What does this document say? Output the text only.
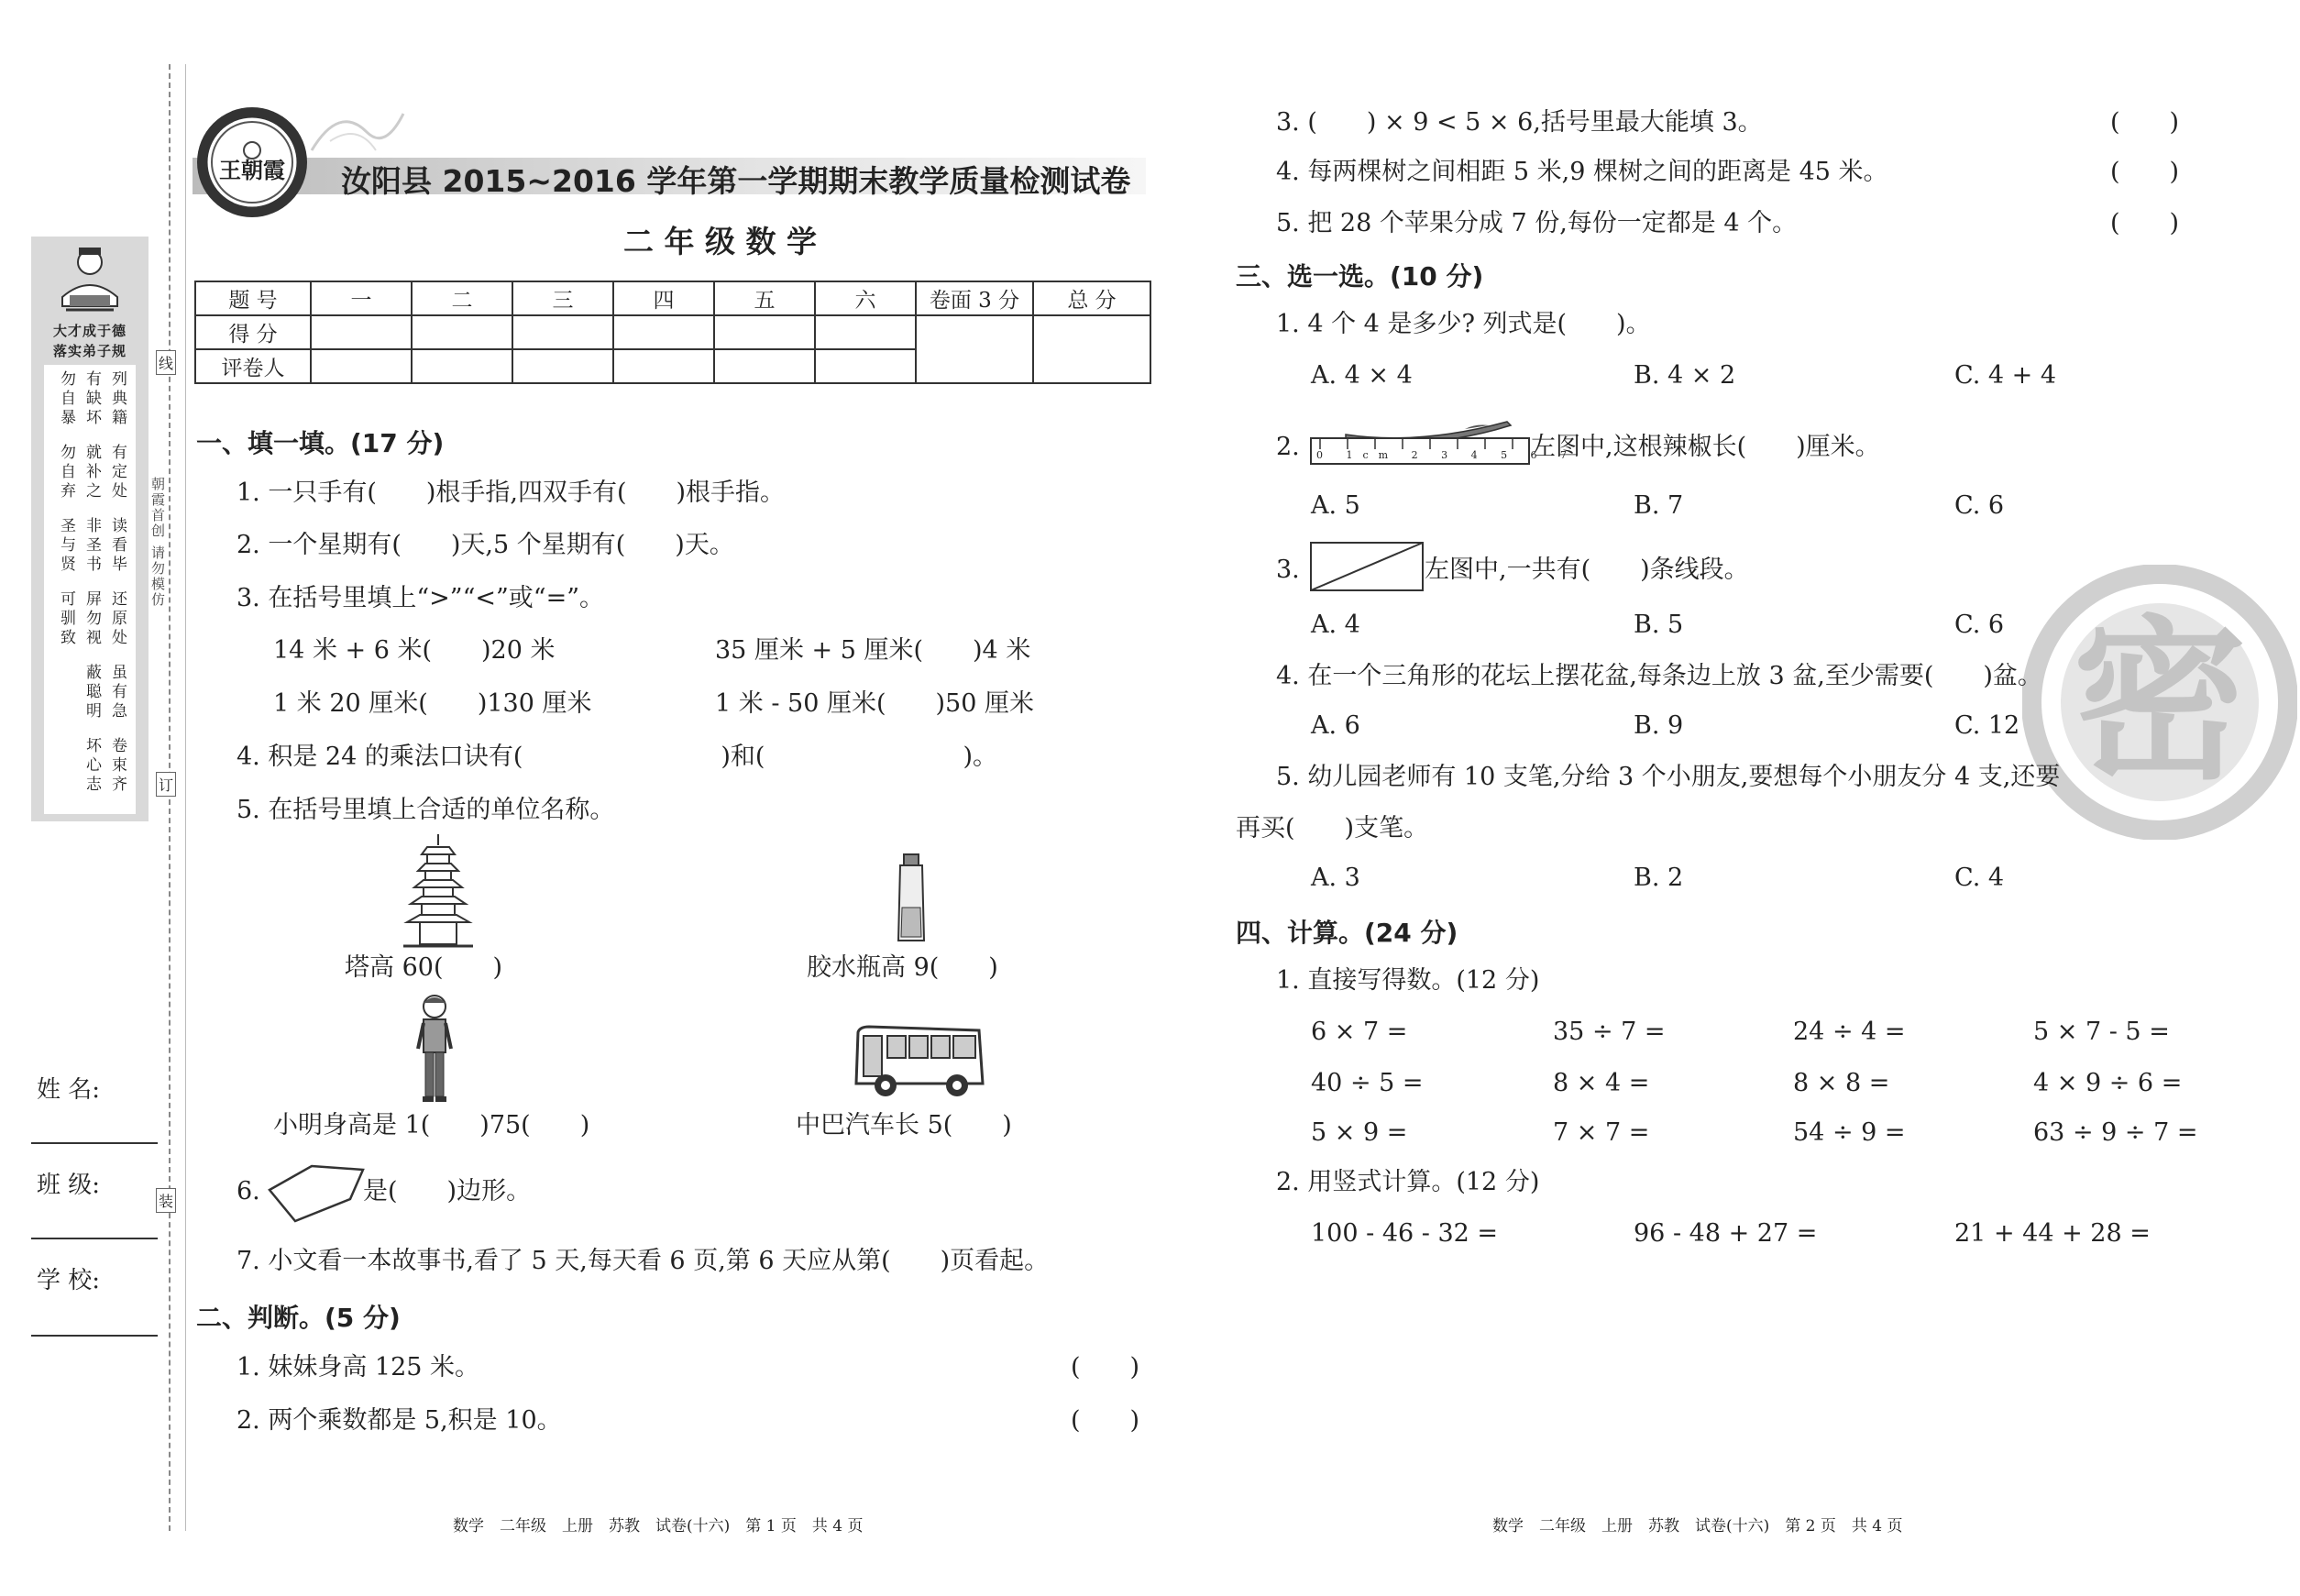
线
订
装
朝霞首创 请勿模仿
大才成于德
落实弟子规
列典籍
有缺坏
勿自暴
有定处
就补之
勿自弃
读看毕
非圣书
圣与贤
还原处
屏勿视
可驯致
虽有急
蔽聪明
卷束齐
坏心志
姓 名:
班 级:
学 校:
王朝霞 汝阳县 2015~2016 学年第一学期期末教学质量检测试卷
二 年 级 数 学
题 号	一	二	三	四	五	六	卷面 3 分	总 分
得 分								
评卷人								
一、填一填。(17 分)
1. 一只手有(　　)根手指,四双手有(　　)根手指。
2. 一个星期有(　　)天,5 个星期有(　　)天。
3. 在括号里填上“>”“<”或“=”。
14 米 + 6 米(　　)20 米	35 厘米 + 5 厘米(　　)4 米
1 米 20 厘米(　　)130 厘米	1 米 - 50 厘米(　　)50 厘米
4. 积是 24 的乘法口诀有(　　　　　　　　)和(　　　　　　　　)。
5. 在括号里填上合适的单位名称。
塔高 60(　　)	胶水瓶高 9(　　)
小明身高是 1(　　)75(　　)	中巴汽车长 5(　　)
6.	是(　　)边形。
7. 小文看一本故事书,看了 5 天,每天看 6 页,第 6 天应从第(　　)页看起。
二、判断。(5 分)
1. 妹妹身高 125 米。	(　　)
2. 两个乘数都是 5,积是 10。	(　　)
3. (　　) × 9 < 5 × 6,括号里最大能填 3。	(　　)
4. 每两棵树之间相距 5 米,9 棵树之间的距离是 45 米。	(　　)
5. 把 28 个苹果分成 7 份,每份一定都是 4 个。	(　　)
密
三、选一选。(10 分)
1. 4 个 4 是多少? 列式是(　　)。
A. 4 × 4	B. 4 × 2	C. 4 + 4
2. 0 1cm 2 3 4 5 6 7
左图中,这根辣椒长(　　)厘米。
A. 5	B. 7	C. 6
3.	左图中,一共有(　　)条线段。
A. 4	B. 5	C. 6
4. 在一个三角形的花坛上摆花盆,每条边上放 3 盆,至少需要(　　)盆。
A. 6	B. 9	C. 12
5. 幼儿园老师有 10 支笔,分给 3 个小朋友,要想每个小朋友分 4 支,还要
再买(　　)支笔。
A. 3	B. 2	C. 4
四、计算。(24 分)
1. 直接写得数。(12 分)
6 × 7 =	35 ÷ 7 =	24 ÷ 4 =	5 × 7 - 5 =
40 ÷ 5 =	8 × 4 =	8 × 8 =	4 × 9 ÷ 6 =
5 × 9 =	7 × 7 =	54 ÷ 9 =	63 ÷ 9 ÷ 7 =
2. 用竖式计算。(12 分)
100 - 46 - 32 =	96 - 48 + 27 =	21 + 44 + 28 =
数学　二年级　上册　苏教　试卷(十六)　第 1 页　共 4 页	数学　二年级　上册　苏教　试卷(十六)　第 2 页　共 4 页
